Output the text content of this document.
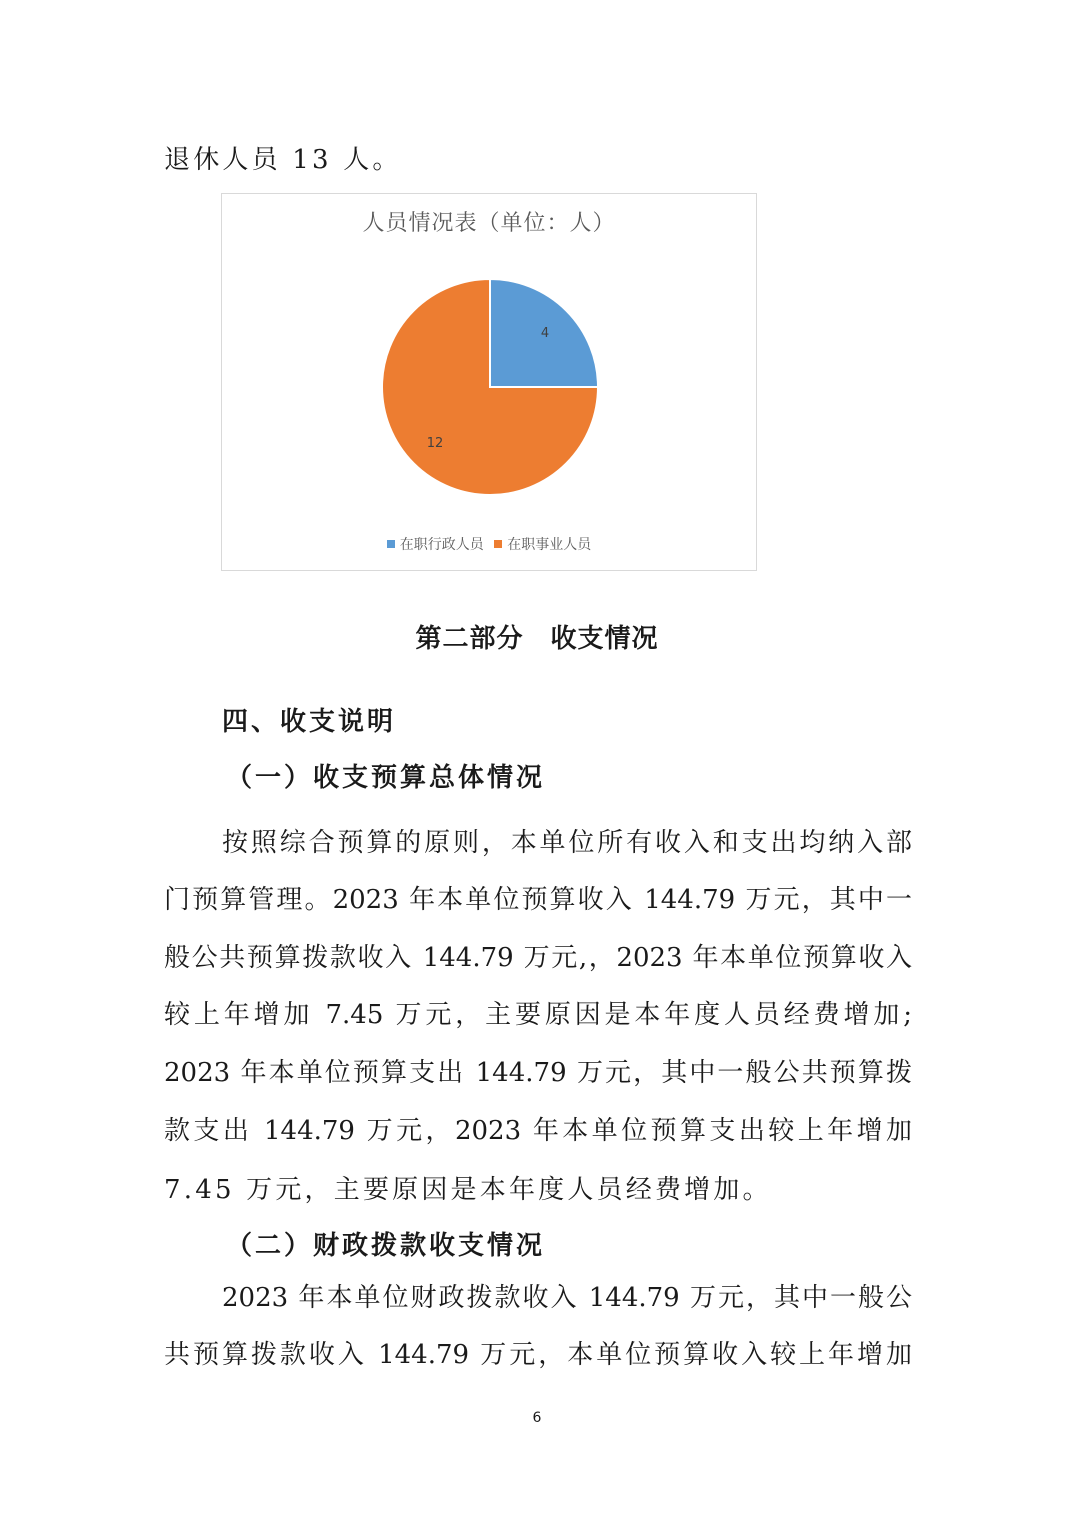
退休人员 13 人。
人员情况表（单位：人）
4
12
在职行政人员 在职事业人员
第二部分　收支情况
四、收支说明
（一）收支预算总体情况
按照综合预算的原则，本单位所有收入和支出均纳入部
门预算管理。2023 年本单位预算收入 144.79 万元，其中一
般公共预算拨款收入 144.79 万元,，2023 年本单位预算收入
较上年增加 7.45 万元，主要原因是本年度人员经费增加;
2023 年本单位预算支出 144.79 万元，其中一般公共预算拨
款支出 144.79 万元，2023 年本单位预算支出较上年增加
7.45 万元，主要原因是本年度人员经费增加。
（二）财政拨款收支情况
2023 年本单位财政拨款收入 144.79 万元，其中一般公
共预算拨款收入 144.79 万元，本单位预算收入较上年增加
6
